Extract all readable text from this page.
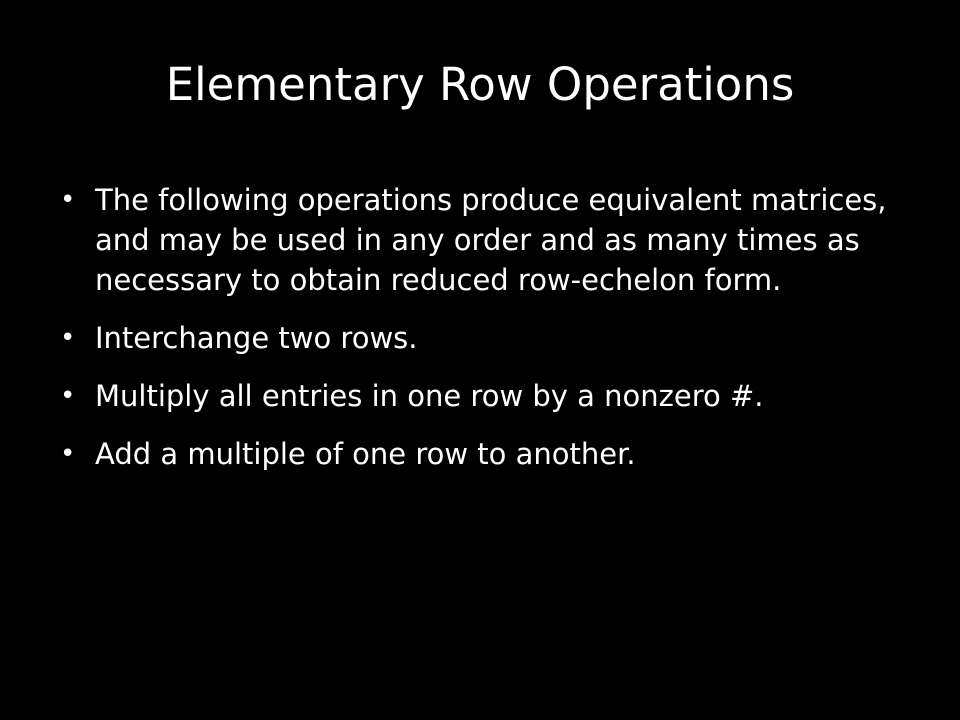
Elementary Row Operations
• The following operations produce equivalent matrices, and may be used in any order and as many times as necessary to obtain reduced row-echelon form.
• Interchange two rows.
• Multiply all entries in one row by a nonzero #.
• Add a multiple of one row to another.
